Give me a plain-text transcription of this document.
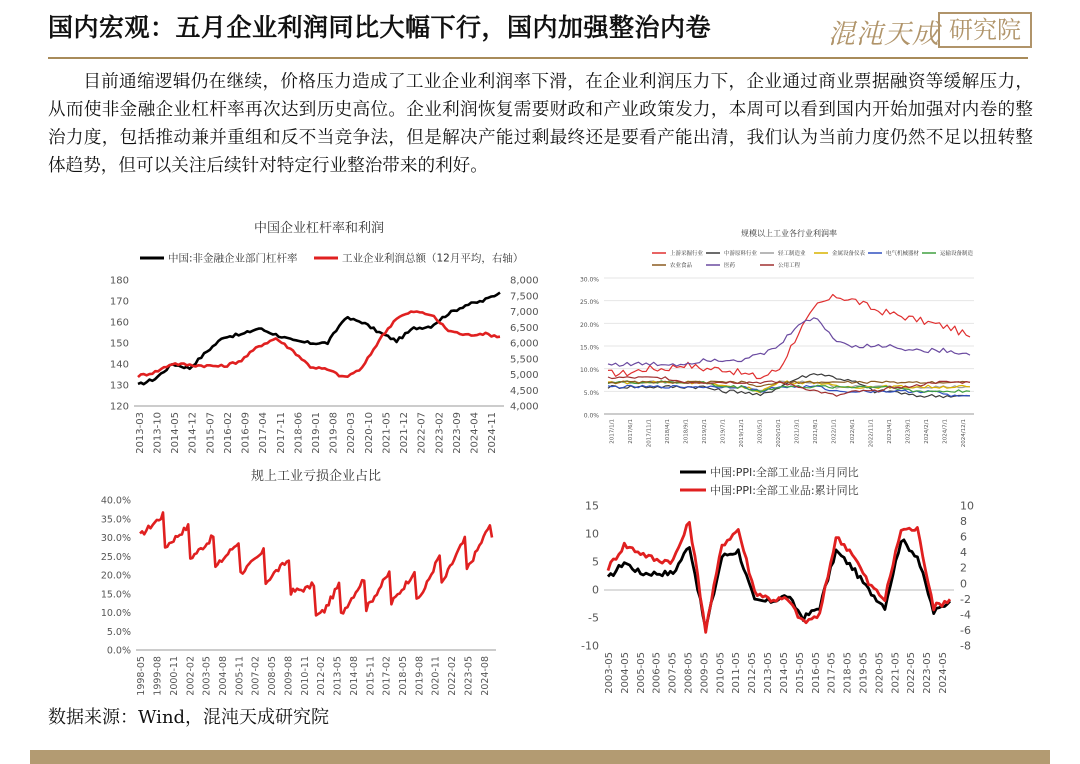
国内宏观：五月企业利润同比大幅下行，国内加强整治内卷	混沌天成 研究院

目前通缩逻辑仍在继续，价格压力造成了工业企业利润率下滑，在企业利润压力下，企业通过商业票据融资等缓解压力，从而使非金融企业杠杆率再次达到历史高位。企业利润恢复需要财政和产业政策发力，本周可以看到国内开始加强对内卷的整治力度，包括推动兼并重组和反不当竞争法，但是解决产能过剩最终还是要看产能出清，我们认为当前力度仍然不足以扭转整体趋势，但可以关注后续针对特定行业整治带来的利好。

中国企业杠杆率和利润
120
130
140
150
160
170
180
4,000
4,500
5,000
5,500
6,000
6,500
7,000
7,500
8,000
2013-03 2013-10 2014-05 2014-12 2015-07 2016-02 2016-09 2017-04 2017-11 2018-06 2019-01 2019-08 2020-03 2020-10 2021-05 2021-12 2022-07 2023-02 2023-09 2024-04 2024-11
中国:非金融企业部门杠杆率	工业企业利润总额（12月平均，右轴）
规模以上工业各行业利润率
0.0%
5.0%
10.0%
15.0%
20.0%
25.0%
30.0%
2017/1/1 2017/6/1 2017/11/1 2018/4/1 2018/9/1 2019/2/1 2019/7/1 2019/12/1 2020/5/1 2020/10/1 2021/3/1 2021/8/1 2022/1/1 2022/6/1 2022/11/1 2023/4/1 2023/9/1 2024/2/1 2024/7/1 2024/12/1
上游采掘行业	中游原料行业	轻工制造业	金属设备仪表	电气机械器材	运输设备制造
农业食品	医药	公用工程
规上工业亏损企业占比
0.0%
5.0%
10.0%
15.0%
20.0%
25.0%
30.0%
35.0%
40.0%
1998-05 1999-08 2000-11 2002-02 2003-05 2004-08 2005-11 2007-02 2008-05 2009-08 2010-11 2012-02 2013-05 2014-08 2015-11 2017-02 2018-05 2019-08 2020-11 2022-02 2023-05 2024-08
-10
-5
0
5
10
15
-8
-6
-4
-2
0
2
4
6
8
10
2003-05 2004-05 2005-05 2006-05 2007-05 2008-05 2009-05 2010-05 2011-05 2012-05 2013-05 2014-05 2015-05 2016-05 2017-05 2018-05 2019-05 2020-05 2021-05 2022-05 2023-05 2024-05
中国:PPI:全部工业品:当月同比
中国:PPI:全部工业品:累计同比
数据来源：Wind，混沌天成研究院
